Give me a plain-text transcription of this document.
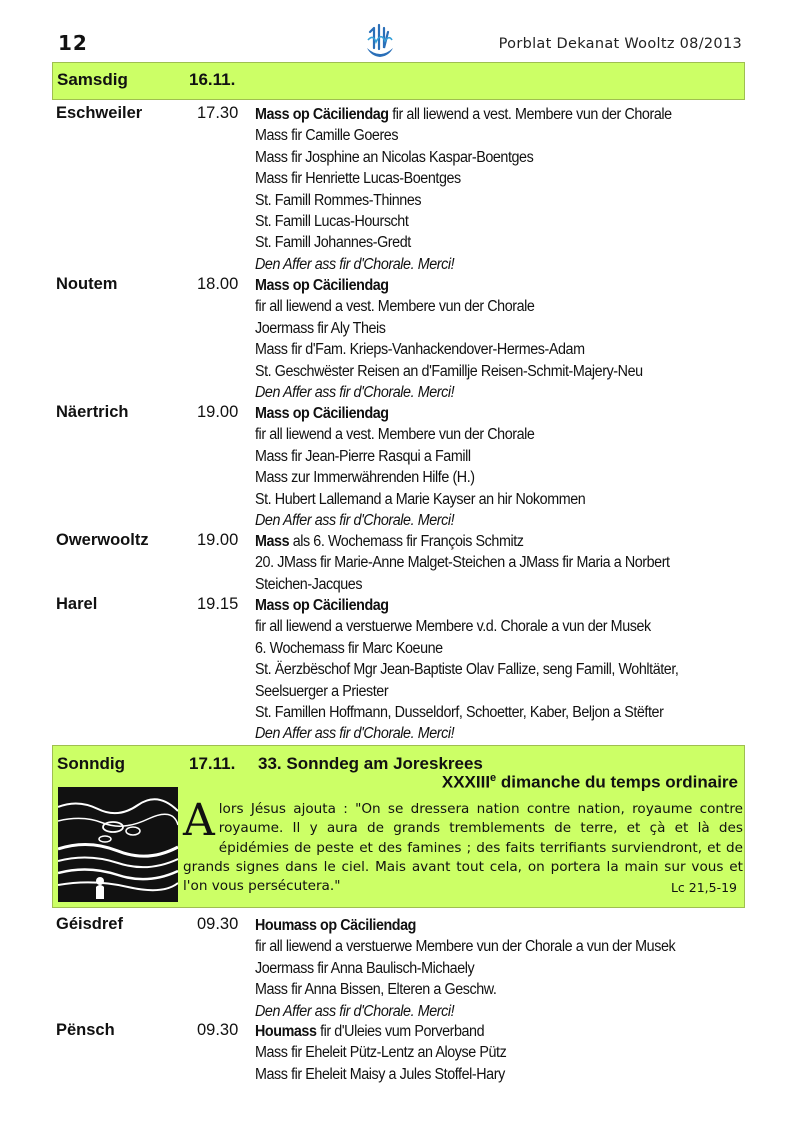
12	Porblat Dekanat Wooltz 08/2013
Samsdig	16.11.
Eschweiler	17.30 Mass op Cäciliendag fir all liewend a vest. Membere vun der Chorale
Mass fir Camille Goeres
Mass fir Josphine an Nicolas Kaspar-Boentges
Mass fir Henriette Lucas-Boentges
St. Famill Rommes-Thinnes
St. Famill Lucas-Hourscht
St. Famill Johannes-Gredt
Den Affer ass fir d'Chorale. Merci!
Noutem	18.00 Mass op Cäciliendag
fir all liewend a vest. Membere vun der Chorale
Joermass fir Aly Theis
Mass fir d'Fam. Krieps-Vanhackendover-Hermes-Adam
St. Geschwëster Reisen an d'Famillje Reisen-Schmit-Majery-Neu
Den Affer ass fir d'Chorale. Merci!
Näertrich	19.00 Mass op Cäciliendag
fir all liewend a vest. Membere vun der Chorale
Mass fir Jean-Pierre Rasqui a Famill
Mass zur Immerwährenden Hilfe (H.)
St. Hubert Lallemand a Marie Kayser an hir Nokommen
Den Affer ass fir d'Chorale. Merci!
Owerwooltz	19.00 Mass als 6. Wochemass fir François Schmitz
20. JMass fir Marie-Anne Malget-Steichen a JMass fir Maria a Norbert
Steichen-Jacques
Harel	19.15 Mass op Cäciliendag
fir all liewend a verstuerwe Membere v.d. Chorale a vun der Musek
6. Wochemass fir Marc Koeune
St. Äerzbëschof Mgr Jean-Baptiste Olav Fallize, seng Famill, Wohltäter,
Seelsuerger a Priester
St. Famillen Hoffmann, Dusseldorf, Schoetter, Kaber, Beljon a Stëfter
Den Affer ass fir d'Chorale. Merci!
Sonndig	17.11. 33. Sonndeg am Joreskrees
XXXIIIe dimanche du temps ordinaire
Alors Jésus ajouta : "On se dressera nation contre nation, royaume contre royaume. Il y aura de grands tremblements de terre, et çà et là des épidémies de peste et des famines ; des faits terrifiants surviendront, et de grands signes dans le ciel. Mais avant tout cela, on portera la main sur vous et l'on vous persécutera."	Lc 21,5-19
Géisdref	09.30 Houmass op Cäciliendag
fir all liewend a verstuerwe Membere vun der Chorale a vun der Musek
Joermass fir Anna Baulisch-Michaely
Mass fir Anna Bissen, Elteren a Geschw.
Den Affer ass fir d'Chorale. Merci!
Pënsch	09.30 Houmass fir d'Uleies vum Porverband
Mass fir Eheleit Pütz-Lentz an Aloyse Pütz
Mass fir Eheleit Maisy a Jules Stoffel-Hary
